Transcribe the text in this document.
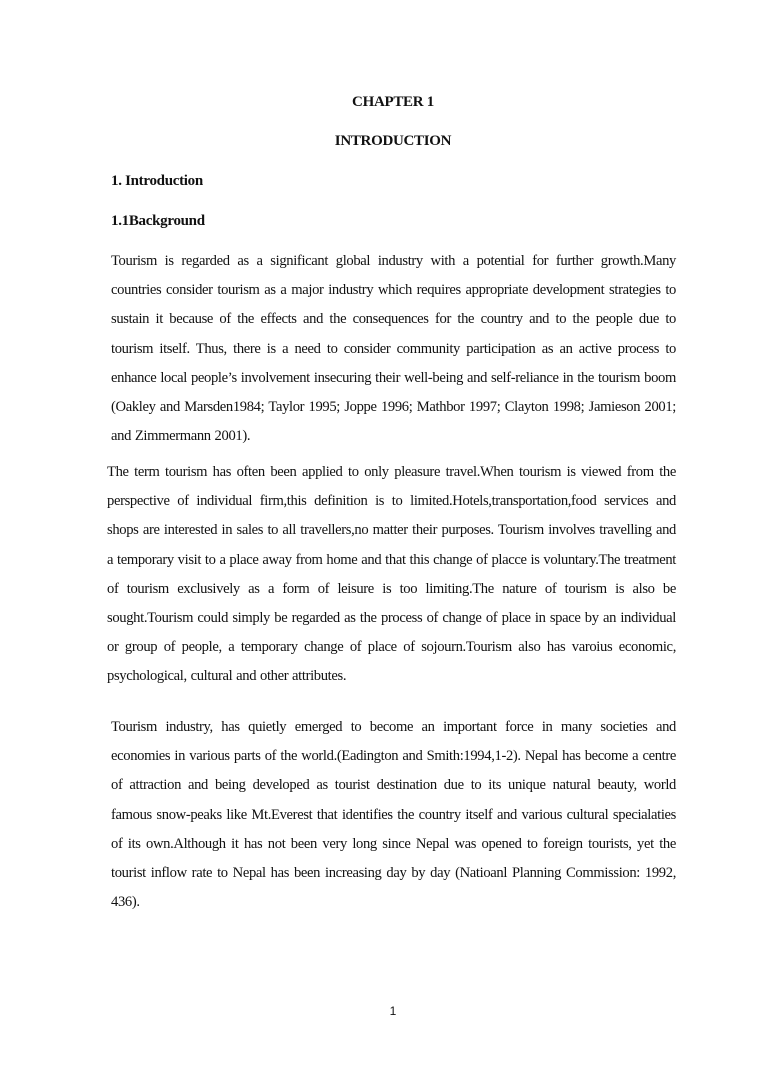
CHAPTER 1
INTRODUCTION
1. Introduction
1.1Background

Tourism is regarded as a significant global industry with a potential for further growth.Many countries consider tourism as a major industry which requires appropriate development strategies to sustain it because of the effects and the consequences for the country and to the people due to tourism itself. Thus, there is a need to consider community participation as an active process to enhance local people’s involvement insecuring their well-being and self-reliance in the tourism boom (Oakley and Marsden1984; Taylor 1995; Joppe 1996; Mathbor 1997; Clayton 1998; Jamieson 2001; and Zimmermann 2001).

The term tourism has often been applied to only pleasure travel.When tourism is viewed from the perspective of individual firm,this definition is to limited.Hotels,transportation,food services and shops are interested in sales to all travellers,no matter their purposes. Tourism involves travelling and a temporary visit to a place away from home and that this change of placce is voluntary.The treatment of tourism exclusively as a form of leisure is too limiting.The nature of tourism is also be sought.Tourism could simply be regarded as the process of change of place in space by an individual or group of people, a temporary change of place of sojourn.Tourism also has varoius economic, psychological, cultural and other attributes.

Tourism industry, has quietly emerged to become an important force in many societies and economies in various parts of the world.(Eadington and Smith:1994,1-2). Nepal has become a centre of attraction and being developed as tourist destination due to its unique natural beauty, world famous snow-peaks like Mt.Everest that identifies the country itself and various cultural specialaties of its own.Although it has not been very long since Nepal was opened to foreign tourists, yet the tourist inflow rate to Nepal has been increasing day by day (Natioanl Planning Commission: 1992, 436).

1
